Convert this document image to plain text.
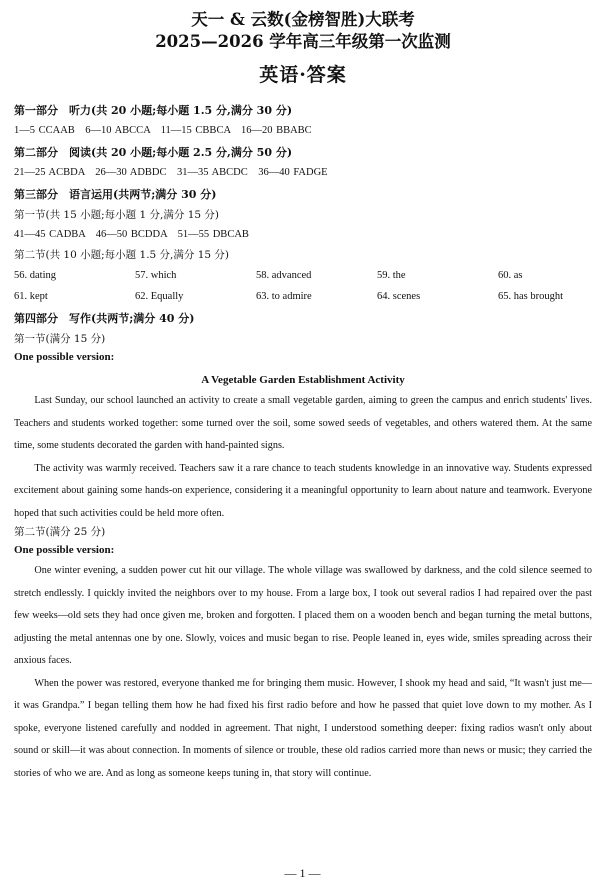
天一 & 云数(金榜智胜)大联考
2025—2026 学年高三年级第一次监测
英语·答案
第一部分　听力(共 20 小题;每小题 1.5 分,满分 30 分)
1—5 CCAAB　6—10 ABCCA　11—15 CBBCA　16—20 BBABC
第二部分　阅读(共 20 小题;每小题 2.5 分,满分 50 分)
21—25 ACBDA　26—30 ADBDC　31—35 ABCDC　36—40 FADGE
第三部分　语言运用(共两节;满分 30 分)
第一节(共 15 小题;每小题 1 分,满分 15 分)
41—45 CADBA　46—50 BCDDA　51—55 DBCAB
第二节(共 10 小题;每小题 1.5 分,满分 15 分)
56. dating	57. which	58. advanced	59. the	60. as
61. kept	62. Equally	63. to admire	64. scenes	65. has brought
第四部分　写作(共两节;满分 40 分)
第一节(满分 15 分)
One possible version:
A Vegetable Garden Establishment Activity

Last Sunday, our school launched an activity to create a small vegetable garden, aiming to green the campus and enrich students' lives. Teachers and students worked together: some turned over the soil, some sowed seeds of vegetables, and others watered them. At the same time, some students decorated the garden with hand-painted signs.

The activity was warmly received. Teachers saw it a rare chance to teach students knowledge in an innovative way. Students expressed excitement about gaining some hands-on experience, considering it a meaningful opportunity to learn about nature and teamwork. Everyone hoped that such activities could be held more often.

第二节(满分 25 分)
One possible version:

One winter evening, a sudden power cut hit our village. The whole village was swallowed by darkness, and the cold silence seemed to stretch endlessly. I quickly invited the neighbors over to my house. From a large box, I took out several radios I had repaired over the past few weeks—old sets they had once given me, broken and forgotten. I placed them on a wooden bench and began turning the metal buttons, adjusting the metal antennas one by one. Slowly, voices and music began to rise. People leaned in, eyes wide, smiles spreading across their anxious faces.

When the power was restored, everyone thanked me for bringing them music. However, I shook my head and said, “It wasn't just me—it was Grandpa.” I began telling them how he had fixed his first radio before and how he passed that quiet love down to my mother. As I spoke, everyone listened carefully and nodded in agreement. That night, I understood something deeper: fixing radios wasn't only about sound or skill—it was about connection. In moments of silence or trouble, these old radios carried more than news or music; they carried the stories of who we are. And as long as someone keeps tuning in, that story will continue.

— 1 —
